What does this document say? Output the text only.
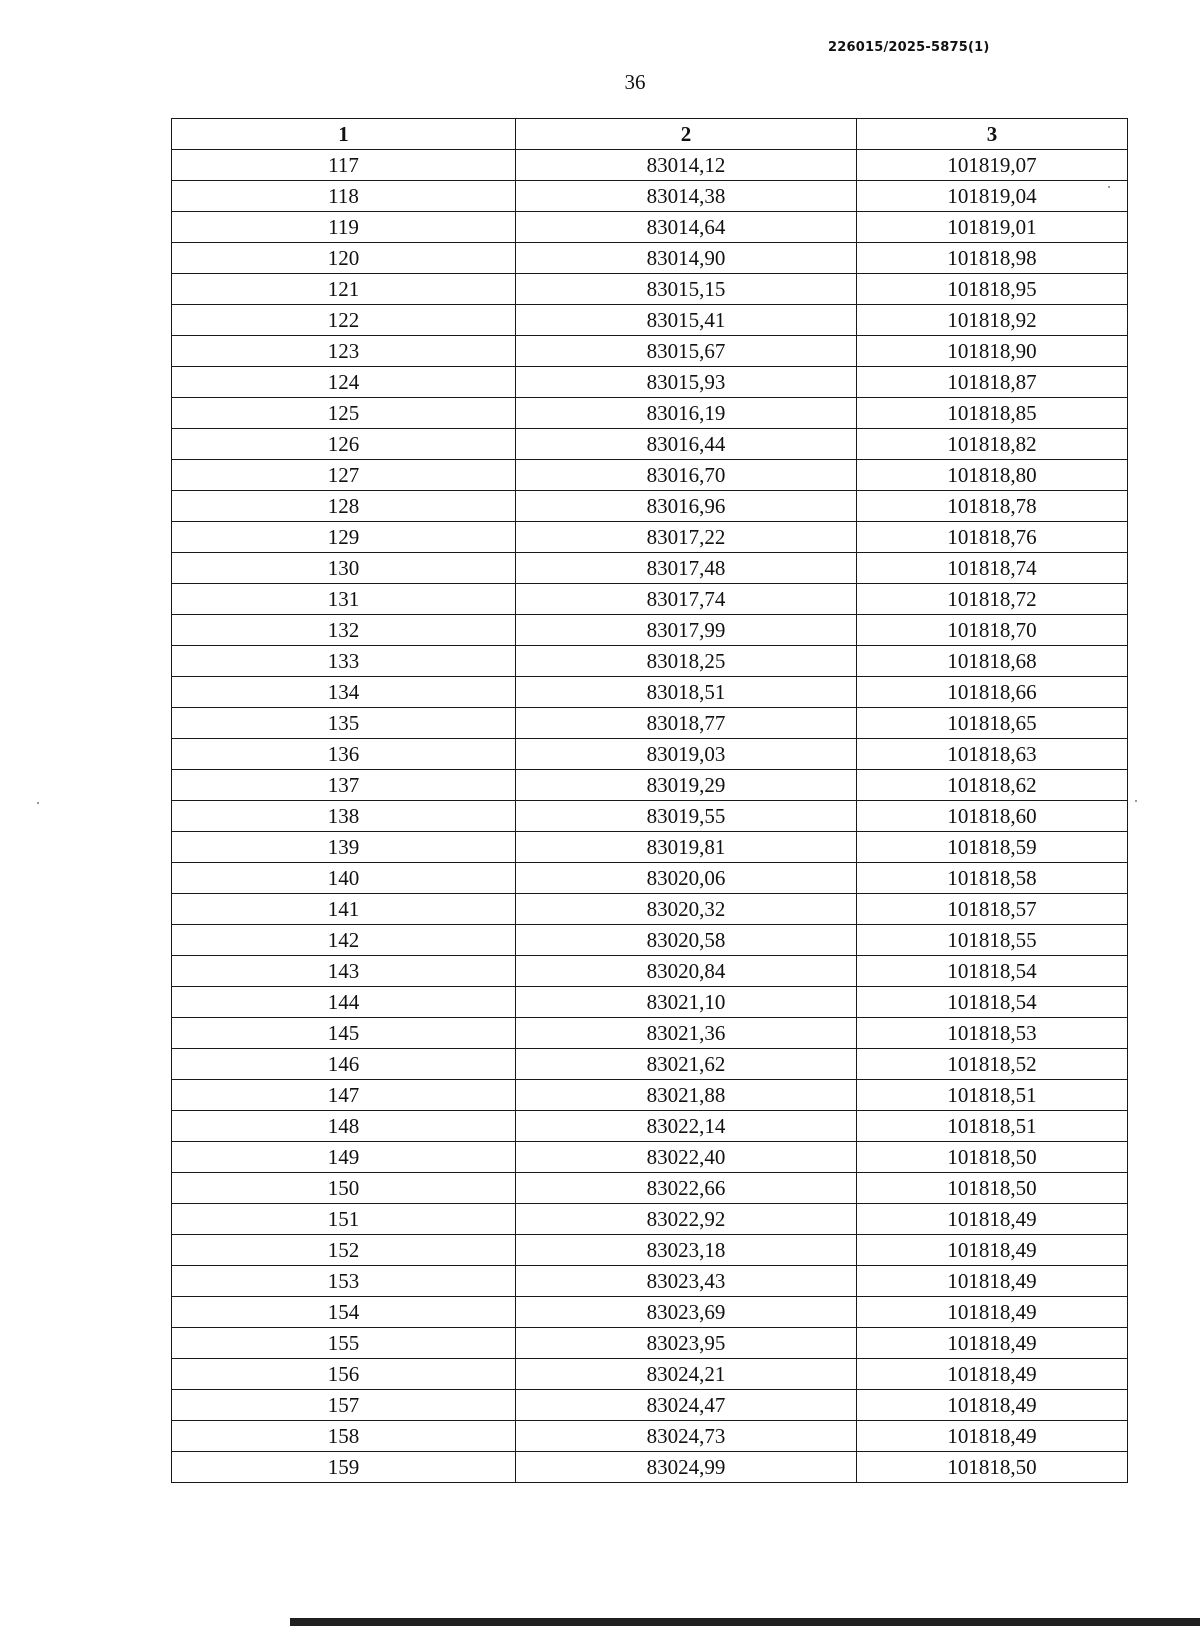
226015/2025-5875(1)
36
1	2	3
117	83014,12	101819,07
118	83014,38	101819,04
119	83014,64	101819,01
120	83014,90	101818,98
121	83015,15	101818,95
122	83015,41	101818,92
123	83015,67	101818,90
124	83015,93	101818,87
125	83016,19	101818,85
126	83016,44	101818,82
127	83016,70	101818,80
128	83016,96	101818,78
129	83017,22	101818,76
130	83017,48	101818,74
131	83017,74	101818,72
132	83017,99	101818,70
133	83018,25	101818,68
134	83018,51	101818,66
135	83018,77	101818,65
136	83019,03	101818,63
137	83019,29	101818,62
138	83019,55	101818,60
139	83019,81	101818,59
140	83020,06	101818,58
141	83020,32	101818,57
142	83020,58	101818,55
143	83020,84	101818,54
144	83021,10	101818,54
145	83021,36	101818,53
146	83021,62	101818,52
147	83021,88	101818,51
148	83022,14	101818,51
149	83022,40	101818,50
150	83022,66	101818,50
151	83022,92	101818,49
152	83023,18	101818,49
153	83023,43	101818,49
154	83023,69	101818,49
155	83023,95	101818,49
156	83024,21	101818,49
157	83024,47	101818,49
158	83024,73	101818,49
159	83024,99	101818,50
